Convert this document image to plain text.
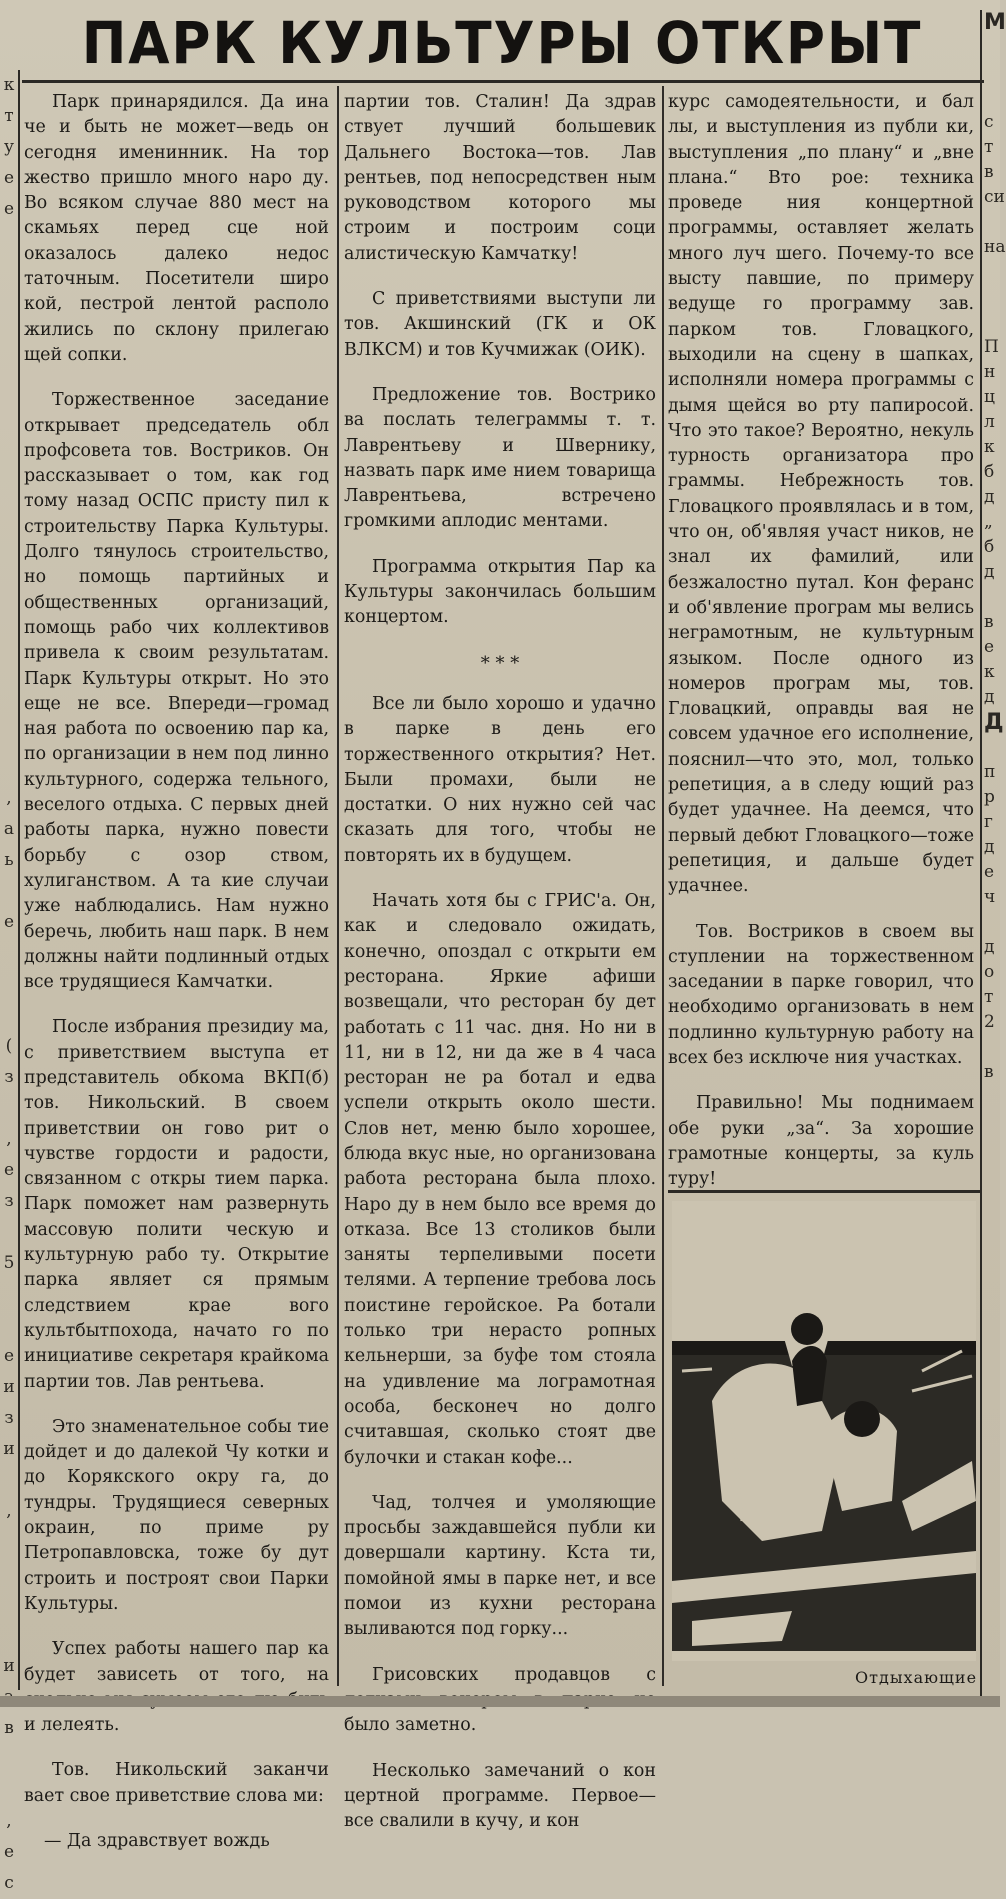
к
т
у
е
е

,
а
ь

е

(
з

,
е
з

5

е
и
з
и

,

и
в

,
е
с
ПАРК КУЛЬТУРЫ ОТКРЫТ

Парк принарядился. Да ина че и быть не может—ведь он сегодня именинник. На тор жество пришло много наро ду. Во всяком случае 880 мест на скамьях перед сце ной оказалось далеко недос таточным. Посетители широ кой, пестрой лентой располо жились по склону прилегаю щей сопки.

Торжественное заседание открывает председатель обл профсовета тов. Востриков. Он рассказывает о том, как год тому назад ОСПС присту пил к строительству Парка Культуры. Долго тянулось строительство, но помощь партийных и общественных организаций, помощь рабо чих коллективов привела к своим результатам. Парк Культуры открыт. Но это еще не все. Впереди—громад ная работа по освоению пар ка, по организации в нем под линно культурного, содержа тельного, веселого отдыха. С первых дней работы парка, нужно повести борьбу с озор ством, хулиганством. А та кие случаи уже наблюдались. Нам нужно беречь, любить наш парк. В нем должны найти подлинный отдых все трудящиеся Камчатки.

После избрания президиу ма, с приветствием выступа ет представитель обкома ВКП(б) тов. Никольский. В своем приветствии он гово рит о чувстве гордости и радости, связанном с откры тием парка. Парк поможет нам развернуть массовую полити ческую и культурную рабо ту. Открытие парка являет ся прямым следствием крае вого культбытпохода, начато го по инициативе секретаря крайкома партии тов. Лав рентьева.

Это знаменательное собы тие дойдет и до далекой Чу котки и до Корякского окру га, до тундры. Трудящиеся северных окраин, по приме ру Петропавловска, тоже бу дут строить и построят свои Парки Культуры.

Успех работы нашего пар ка будет зависеть от того, на и лелеять.

Тов. Никольский заканчи вает свое приветствие слова ми:

— Да здравствует вождь

партии тов. Сталин! Да здрав ствует лучший большевик Дальнего Востока—тов. Лав рентьев, под непосредствен ным руководством которого мы строим и построим соци алистическую Камчатку!

С приветствиями выступи ли тов. Акшинский (ГК и ОК ВЛКСМ) и тов Кучмижак (ОИК).

Предложение тов. Вострико ва послать телеграммы т. т. Лаврентьеву и Швернику, назвать парк име нием товарища Лаврентьева, встречено громкими аплодис ментами.

Программа открытия Пар ка Культуры закончилась большим концертом.

* * *

Все ли было хорошо и удачно в парке в день его торжественного открытия? Нет. Были промахи, были не достатки. О них нужно сей час сказать для того, чтобы не повторять их в будущем.

Начать хотя бы с ГРИС'а. Он, как и следовало ожидать, конечно, опоздал с открыти ем ресторана. Яркие афиши возвещали, что ресторан бу дет работать с 11 час. дня. Но ни в 11, ни в 12, ни да же в 4 часа ресторан не ра ботал и едва успели открыть около шести. Слов нет, меню было хорошее, блюда вкус ные, но организована работа ресторана была плохо. Наро ду в нем было все время до отказа. Все 13 столиков были заняты терпеливыми посети телями. А терпение требова лось поистине геройское. Ра ботали только три нерасто ропных кельнерши, за буфе том стояла на удивление ма лограмотная особа, бесконеч но долго считавшая, сколько стоят две булочки и стакан кофе...

Чад, толчея и умоляющие просьбы заждавшейся публи ки довершали картину. Кста ти, помойной ямы в парке нет, и все помои из кухни ресторана выливаются под горку...

Грисовских продавцов с было заметно.

Несколько замечаний о кон цертной программе. Первое— все свалили в кучу, и кон

курс самодеятельности, и бал лы, и выступления из публи ки, выступления „по плану“ и „вне плана.“ Вто рое: техника проведе ния концертной программы, оставляет желать много луч шего. Почему-то все высту павшие, по примеру ведуще го программу зав. парком тов. Гловацкого, выходили на сцену в шапках, исполняли номера программы с дымя щейся во рту папиросой. Что это такое? Вероятно, некуль турность организатора про граммы. Небрежность тов. Гловацкого проявлялась и в том, что он, об'являя участ ников, не знал их фамилий, или безжалостно путал. Кон феранс и об'явление програм мы велись неграмотным, не культурным языком. После одного из номеров програм мы, тов. Гловацкий, оправды вая не совсем удачное его исполнение, пояснил—что это, мол, только репетиция, а в следу ющий раз будет удачнее. На деемся, что первый дебют Гловацкого—тоже репетиция, и дальше будет удачнее.

Тов. Востриков в своем вы ступлении на торжественном заседании в парке говорил, что необходимо организовать в нем подлинно культурную работу на всех без исключе ния участках.

Правильно! Мы поднимаем обе руки „за“. За хорошие грамотные концерты, за куль туру!

Отдыхающие
М

с
т
в
си

на

П
н
ц
л
к
б
д
„
б
д

в
е
к
д
Д

п
р
г
д
е
ч

д
о
т
2

в
